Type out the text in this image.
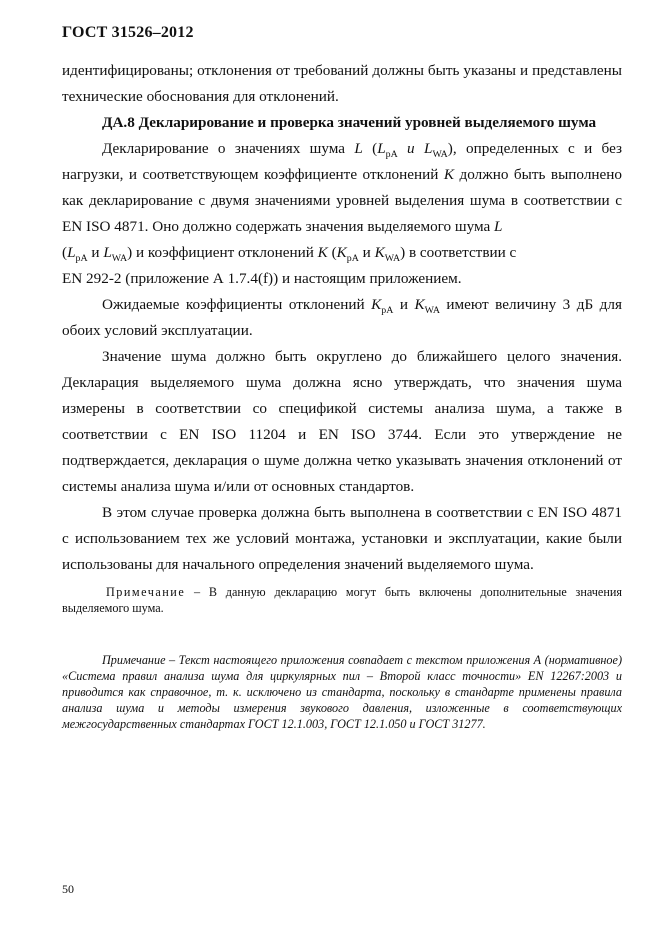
ГОСТ 31526–2012

идентифицированы; отклонения от требований должны быть указаны и представлены технические обоснования для отклонений.

ДА.8 Декларирование и проверка значений уровней выделяемого шума

Декларирование о значениях шума L ($L_{pA}$ и $L_{WA}$), определенных с и без нагрузки, и соответствующем коэффициенте отклонений K должно быть выполнено как декларирование с двумя значениями уровней выделения шума в соответствии с EN ISO 4871. Оно должно содержать значения выделяемого шума L
($L_{pA}$ и $L_{WA}$) и коэффициент отклонений K ($K_{pA}$ и $K_{WA}$) в соответствии с

EN 292-2 (приложение А 1.7.4(f)) и настоящим приложением.

Ожидаемые коэффициенты отклонений $K_{pA}$ и $K_{WA}$ имеют величину 3 дБ для обоих условий эксплуатации.

Значение шума должно быть округлено до ближайшего целого значения. Декларация выделяемого шума должна ясно утверждать, что значения шума измерены в соответствии со спецификой системы анализа шума, а также в соответствии с EN ISO 11204 и EN ISO 3744. Если это утверждение не подтверждается, декларация о шуме должна четко указывать значения отклонений от системы анализа шума и/или от основных стандартов.

В этом случае проверка должна быть выполнена в соответствии с EN ISO 4871 с использованием тех же условий монтажа, установки и эксплуатации, какие были использованы для начального определения значений выделяемого шума.

Примечание – В данную декларацию могут быть включены дополнительные значения выделяемого шума.

Примечание – Текст настоящего приложения совпадает с текстом приложения А (нормативное) «Система правил анализа шума для циркулярных пил – Второй класс точности» EN 12267:2003 и приводится как справочное, т. к. исключено из стандарта, поскольку в стандарте применены правила анализа шума и методы измерения звукового давления, изложенные в соответствующих межгосударственных стандартах ГОСТ 12.1.003, ГОСТ 12.1.050 и ГОСТ 31277.

50
